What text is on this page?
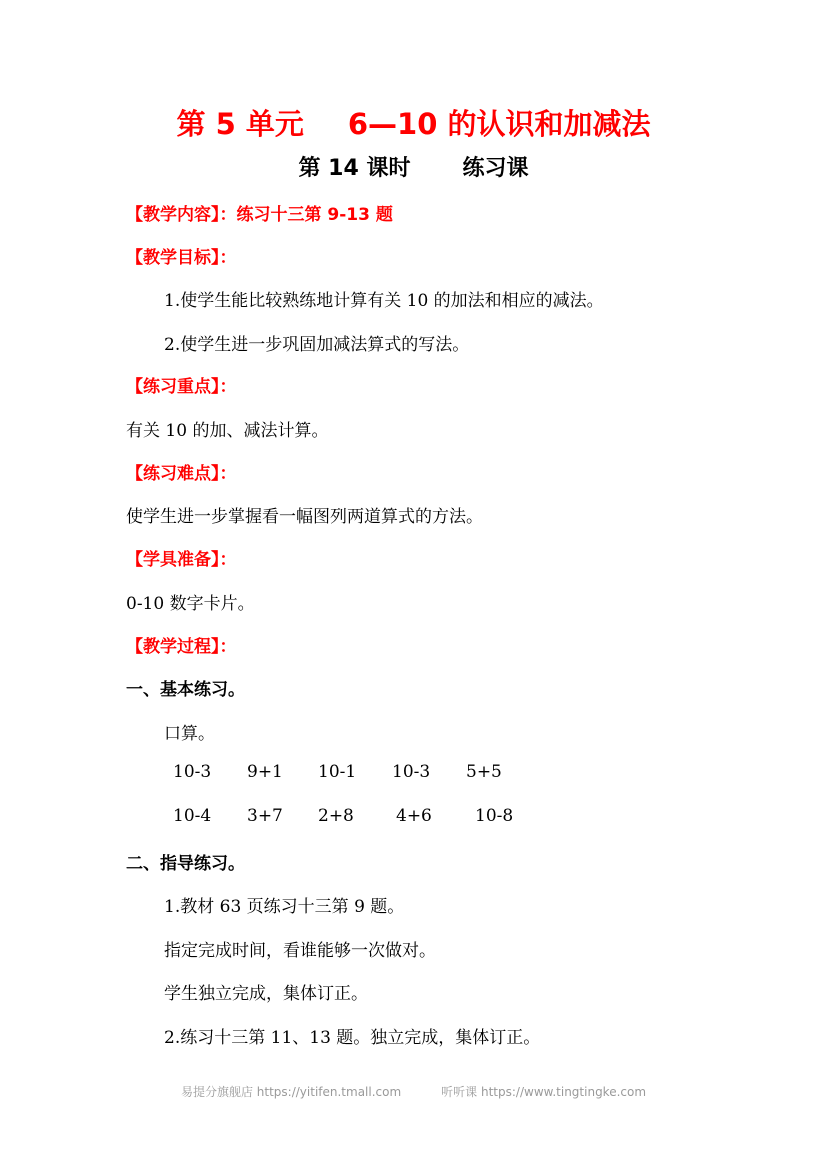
第 5 单元 6—10 的认识和加减法
第 14 课时 练习课
【教学内容】：练习十三第 9-13 题
【教学目标】：
1.使学生能比较熟练地计算有关 10 的加法和相应的减法。
2.使学生进一步巩固加减法算式的写法。
【练习重点】：
有关 10 的加、减法计算。
【练习难点】：
使学生进一步掌握看一幅图列两道算式的方法。
【学具准备】：
0-10 数字卡片。
【教学过程】：
一、基本练习。
口算。
10-3 9+1 10-1 10-3 5+5
10-4 3+7 2+8 4+6	10-8
二、指导练习。
1.教材 63 页练习十三第 9 题。
指定完成时间，看谁能够一次做对。
学生独立完成，集体订正。
2.练习十三第 11、13 题。独立完成，集体订正。
易提分旗舰店 https://yitifen.tmall.com	听听课 https://www.tingtingke.com
